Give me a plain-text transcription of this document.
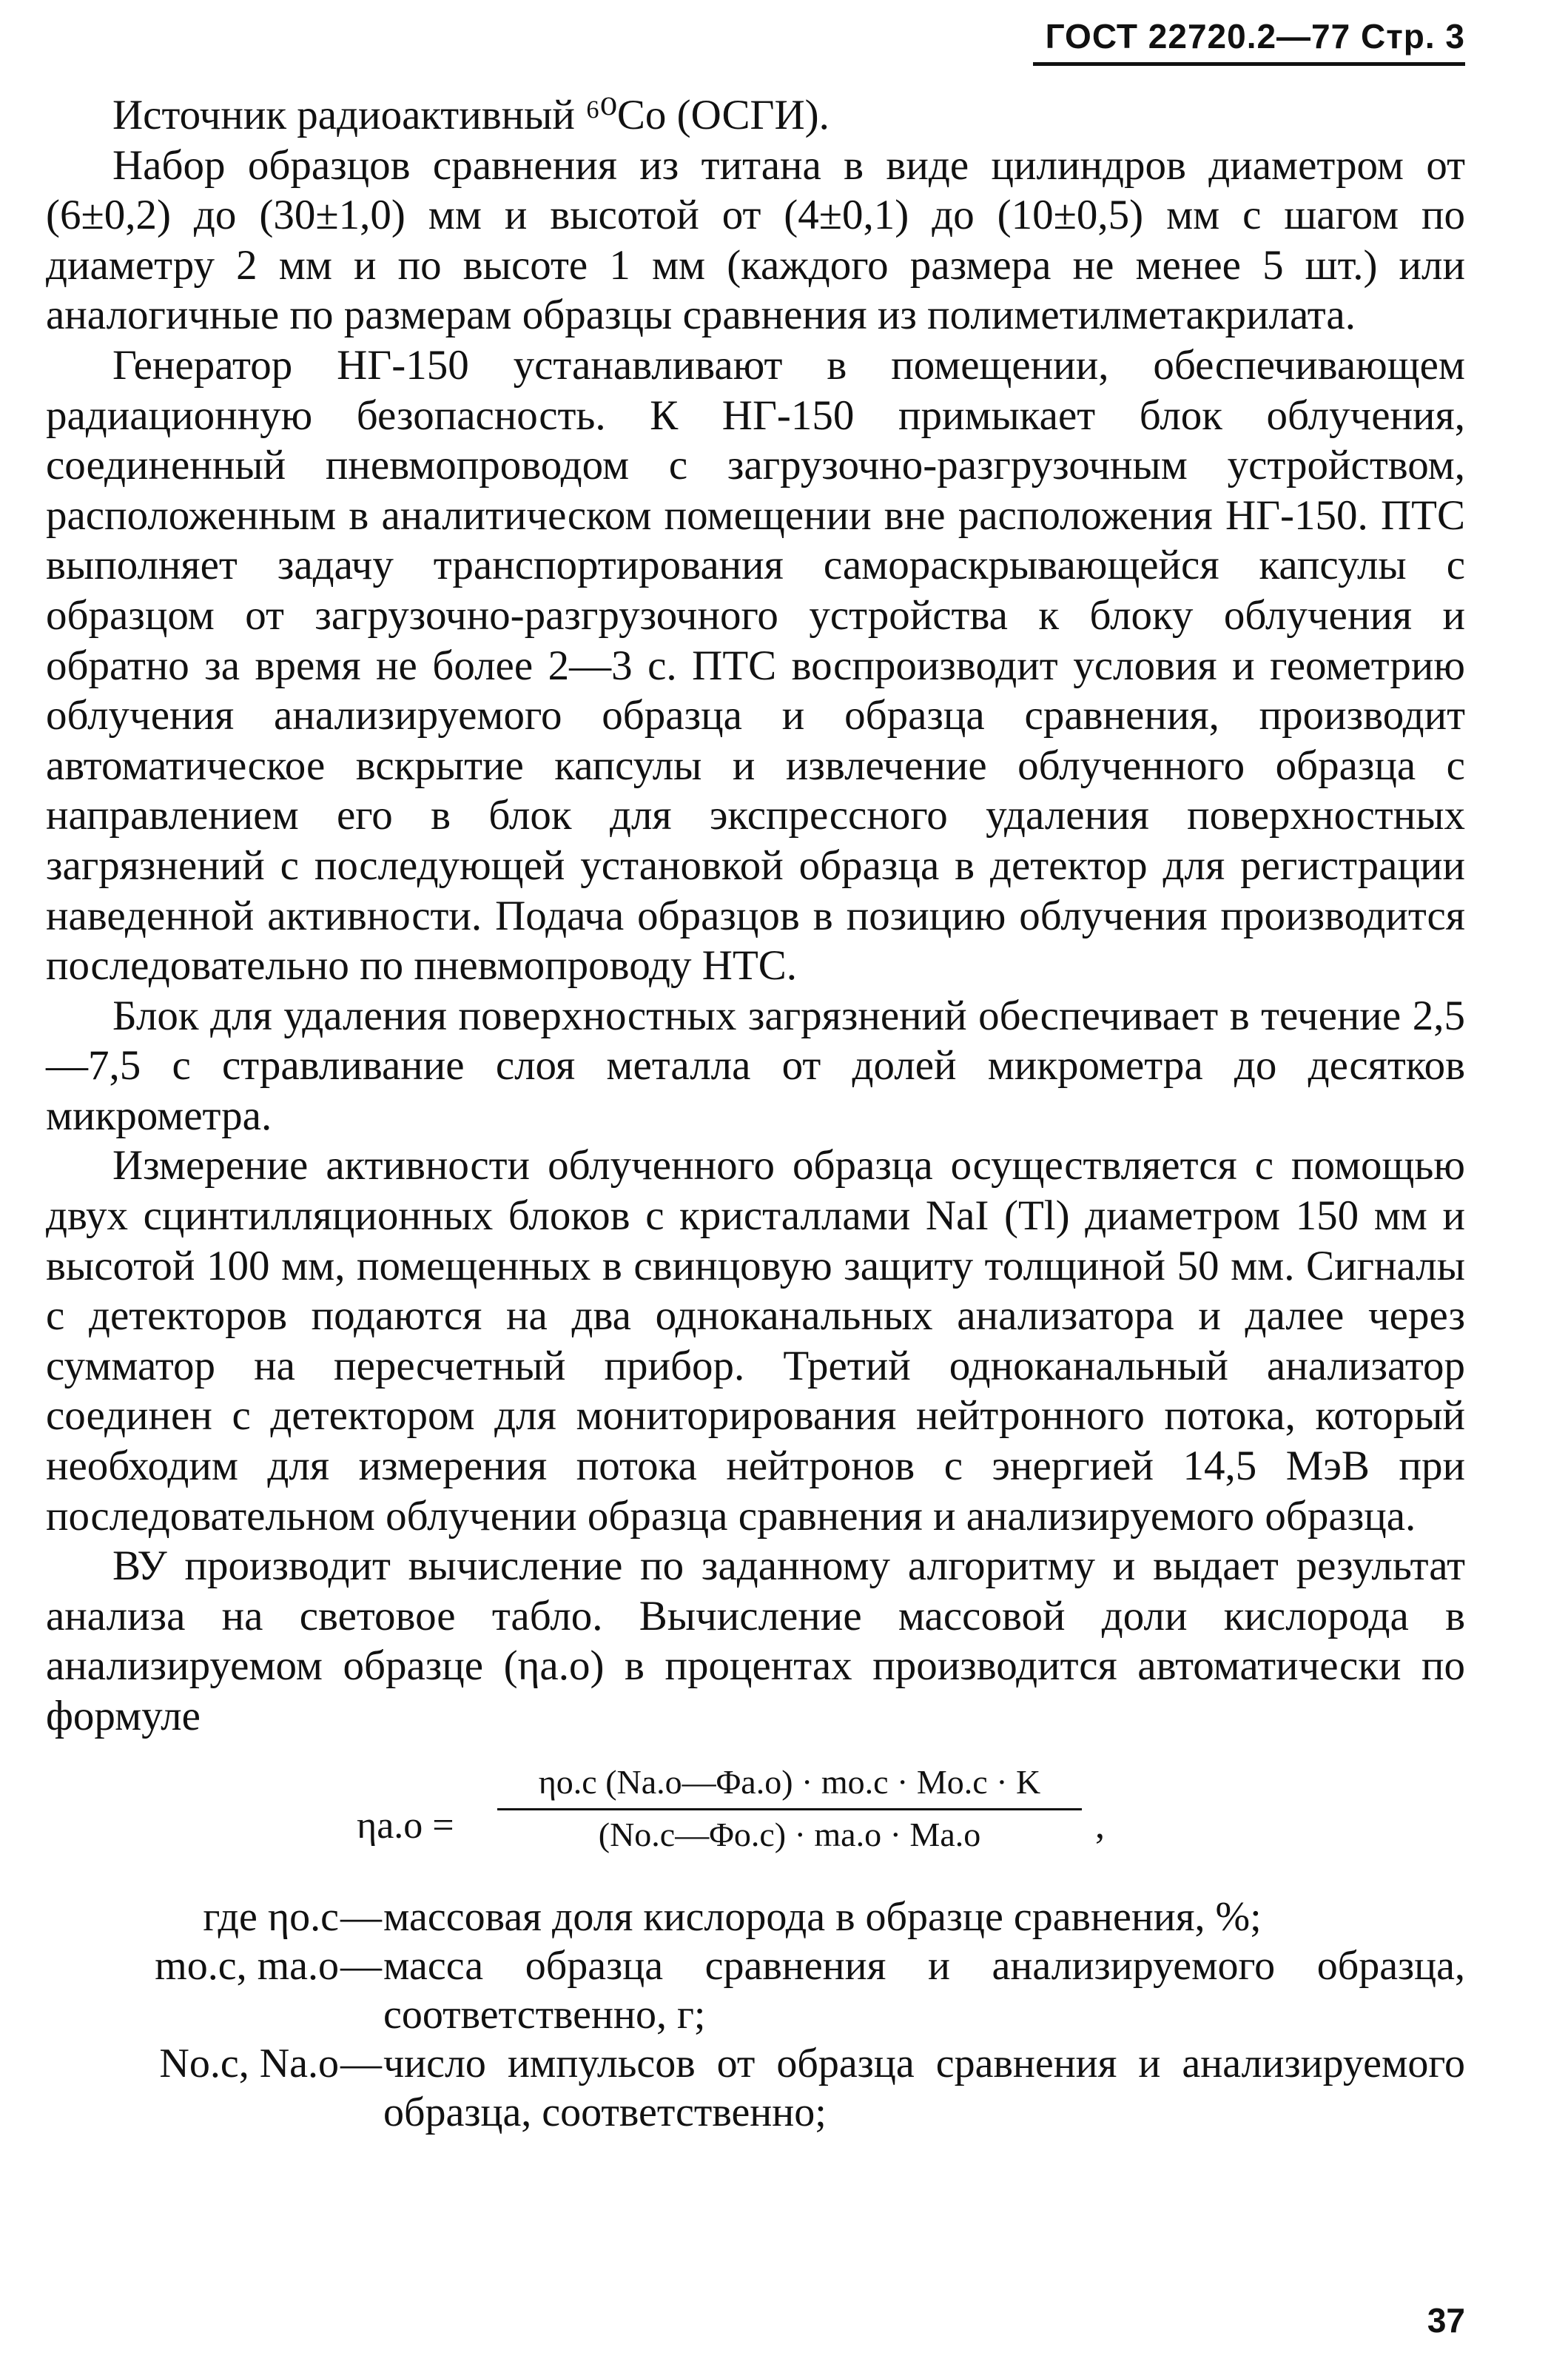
ГОСТ 22720.2—77 Стр. 3

Источник радиоактивный ⁶⁰Co (ОСГИ).

Набор образцов сравнения из титана в виде цилиндров диаметром от (6±0,2) до (30±1,0) мм и высотой от (4±0,1) до (10±0,5) мм с шагом по диаметру 2 мм и по высоте 1 мм (каждого размера не менее 5 шт.) или аналогичные по размерам образцы сравнения из полиметилметакрилата.

Генератор НГ-150 устанавливают в помещении, обеспечивающем радиационную безопасность. К НГ-150 примыкает блок облучения, соединенный пневмопроводом с загрузочно-разгрузочным устройством, расположенным в аналитическом помещении вне расположения НГ-150. ПТС выполняет задачу транспортирования самораскрывающейся капсулы с образцом от загрузочно-разгрузочного устройства к блоку облучения и обратно за время не более 2—3 с. ПТС воспроизводит условия и геометрию облучения анализируемого образца и образца сравнения, производит автоматическое вскрытие капсулы и извлечение облученного образца с направлением его в блок для экспрессного удаления поверхностных загрязнений с последующей установкой образца в детектор для регистрации наведенной активности. Подача образцов в позицию облучения производится последовательно по пневмопроводу НТС.

Блок для удаления поверхностных загрязнений обеспечивает в течение 2,5—7,5 с стравливание слоя металла от долей микрометра до десятков микрометра.

Измерение активности облученного образца осуществляется с помощью двух сцинтилляционных блоков с кристаллами NaI (Tl) диаметром 150 мм и высотой 100 мм, помещенных в свинцовую защиту толщиной 50 мм. Сигналы с детекторов подаются на два одноканальных анализатора и далее через сумматор на пересчетный прибор. Третий одноканальный анализатор соединен с детектором для мониторирования нейтронного потока, который необходим для измерения потока нейтронов с энергией 14,5 МэВ при последовательном облучении образца сравнения и анализируемого образца.

ВУ производит вычисление по заданному алгоритму и выдает результат анализа на световое табло. Вычисление массовой доли кислорода в анализируемом образце (ηа.о) в процентах производится автоматически по формуле

ηа.о =
ηо.с (Nа.о—Φа.о) · mо.с · Mо.с · K
(Nо.с—Φо.с) · mа.о · Mа.о	,
где ηо.с — массовая доля кислорода в образце сравнения, %;
mо.с, mа.о — масса образца сравнения и анализируемого образца, соответственно, г;
Nо.с, Nа.о — число импульсов от образца сравнения и анализируемого образца, соответственно;
37
